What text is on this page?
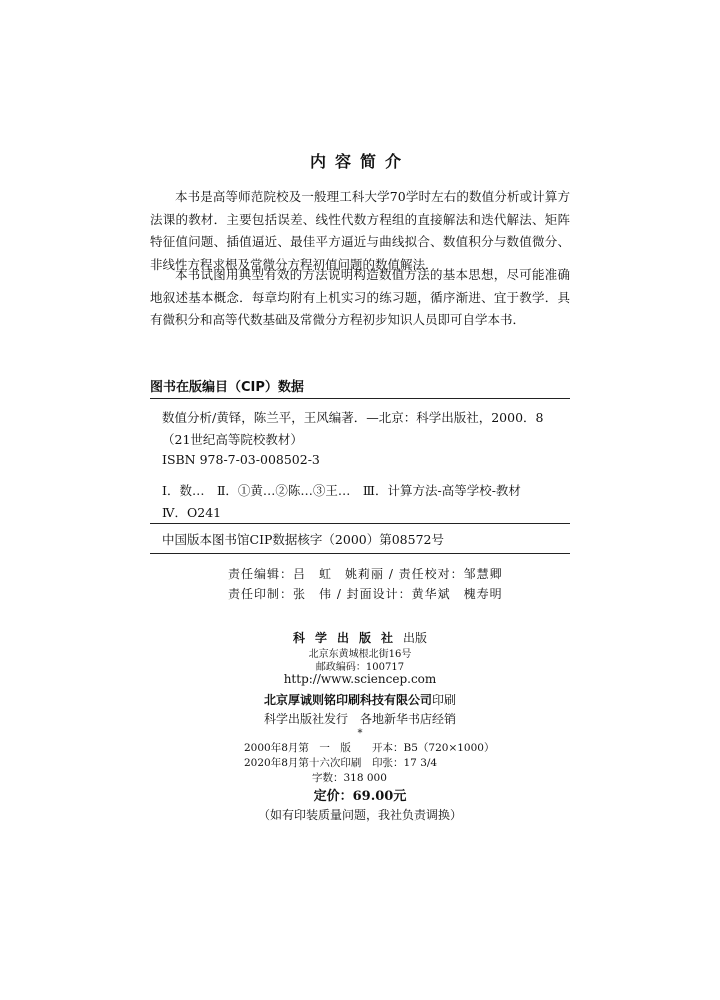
内容简介

本书是高等师范院校及一般理工科大学70学时左右的数值分析或计算方法课的教材．主要包括误差、线性代数方程组的直接解法和迭代解法、矩阵特征值问题、插值逼近、最佳平方逼近与曲线拟合、数值积分与数值微分、非线性方程求根及常微分方程初值问题的数值解法．

本书试图用典型有效的方法说明构造数值方法的基本思想，尽可能准确地叙述基本概念．每章均附有上机实习的练习题，循序渐进、宜于教学．具有微积分和高等代数基础及常微分方程初步知识人员即可自学本书．

图书在版编目（CIP）数据
数值分析/黄铎，陈兰平，王风编著．—北京：科学出版社，2000．8
（21世纪高等院校教材）
ISBN 978-7-03-008502-3
Ⅰ．数…　Ⅱ．①黄…②陈…③王…　Ⅲ．计算方法-高等学校-教材
Ⅳ．O241
中国版本图书馆CIP数据核字（2000）第08572号
责任编辑：吕　虹　姚莉丽 / 责任校对：邹慧卿
责任印制：张　伟 / 封面设计：黄华斌　槐寿明
科学出版社出版
北京东黄城根北街16号
邮政编码：100717
http://www.sciencep.com
北京厚诚则铭印刷科技有限公司印刷
科学出版社发行　各地新华书店经销
*
2000年8月第　一　版 开本：B5（720×1000）
2020年8月第十六次印刷 印张：17 3/4
字数：318 000
定价：69.00元
（如有印装质量问题，我社负责调换）
